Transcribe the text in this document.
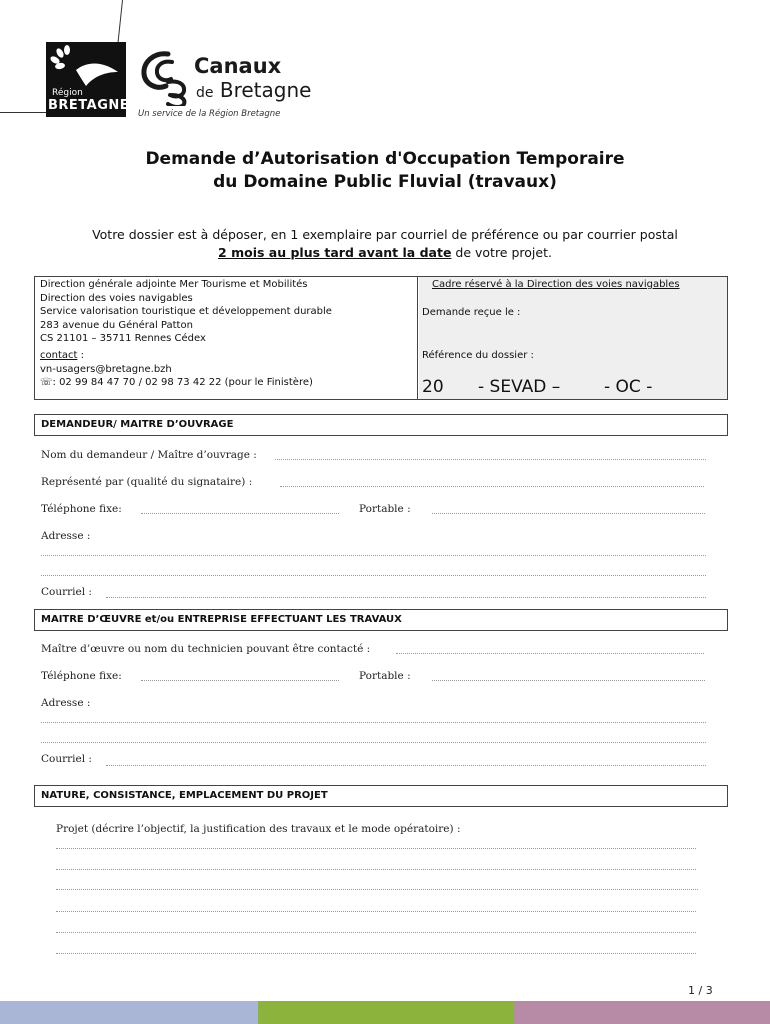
Région
BRETAGNE
Canaux
de Bretagne
Un service de la Région Bretagne
Demande d’Autorisation d'Occupation Temporaire
du Domaine Public Fluvial (travaux)
Votre dossier est à déposer, en 1 exemplaire par courriel de préférence ou par courrier postal
2 mois au plus tard avant la date de votre projet.
Direction générale adjointe Mer Tourisme et Mobilités
Direction des voies navigables
Service valorisation touristique et développement durable
283 avenue du Général Patton
CS 21101 – 35711 Rennes Cédex
contact :
vn-usagers@bretagne.bzh
☏: 02 99 84 47 70 / 02 98 73 42 22 (pour le Finistère)
Cadre réservé à la Direction des voies navigables
Demande reçue le :
Référence du dossier :
20 - SEVAD –	- OC -
DEMANDEUR/ MAITRE D’OUVRAGE
Nom du demandeur / Maître d’ouvrage :
Représenté par (qualité du signataire) :
Téléphone fixe:	Portable :
Adresse :
Courriel :
MAITRE D’ŒUVRE et/ou ENTREPRISE EFFECTUANT LES TRAVAUX
Maître d’œuvre ou nom du technicien pouvant être contacté :
Téléphone fixe:	Portable :
Adresse :
Courriel :
NATURE, CONSISTANCE, EMPLACEMENT DU PROJET
Projet (décrire l’objectif, la justification des travaux et le mode opératoire) :
1 / 3
